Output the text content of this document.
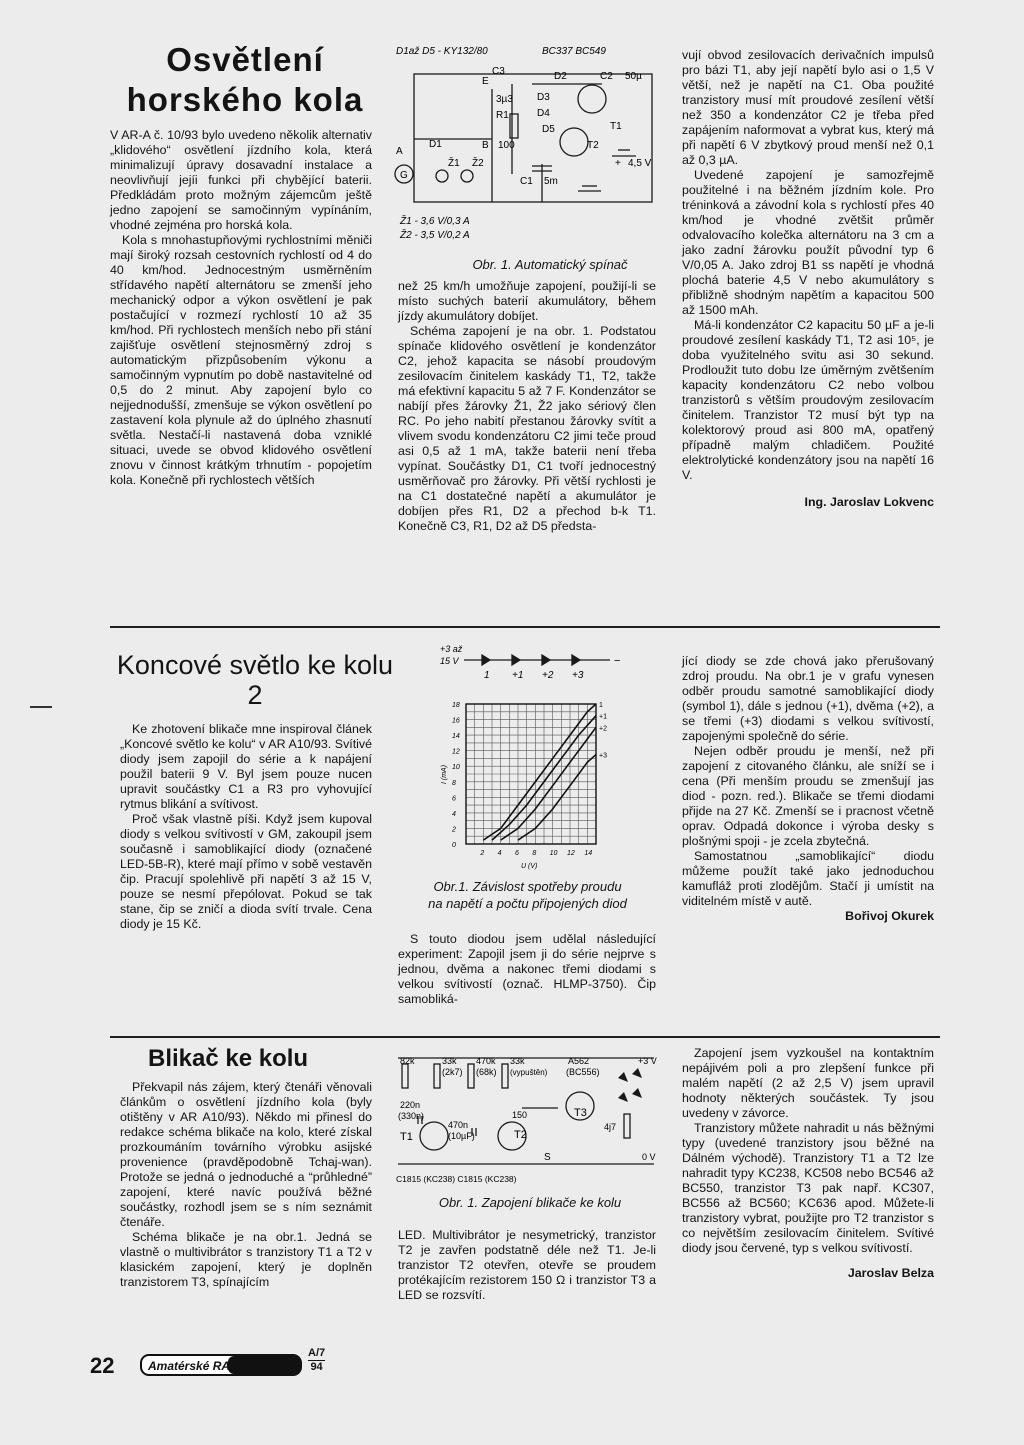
Osvětlení horského kola

V AR-A č. 10/93 bylo uvedeno několik alternativ „klidového“ osvětlení jízdního kola, která minimalizují úpravy dosavadní instalace a neovlivňují jejíi funkci při chybějící baterii. Předkládám proto možným zájemcům ještě jedno zapojení se samočinným vypínáním, vhodné zejména pro horská kola.

Kola s mnohastupňovými rychlostními měniči mají široký rozsah cestovních rychlostí od 4 do 40 km/hod. Jednocestným usměrněním střídavého napětí alternátoru se zmenší jeho mechanický odpor a výkon osvětlení je pak postačující v rozmezí rychlostí 10 až 35 km/hod. Při rychlostech menších nebo při stání zajišťuje osvětlení stejnosměrný zdroj s automatickým přizpůsobením výkonu a samočinným vypnutím po době nastavitelné od 0,5 do 2 minut. Aby zapojení bylo co nejjednodušší, zmenšuje se výkon osvětlení po zastavení kola plynule až do úplného zhasnutí světla. Nestačí-li nastavená doba vzniklé situaci, uvede se obvod klidového osvětlení znovu v činnost krátkým trhnutím - popojetím kola. Konečně při rychlostech větších

D1až D5 - KY132/80	BC337 BC549
C3
3µ3
R1
100
D1
D2
D3
D4
D5
C2 50µ
T1
T2
C1 5m
Ž1 Ž2
G
A
E
B
4,5 V
+
Ž1 - 3,6 V/0,3 A
Ž2 - 3,5 V/0,2 A
Obr. 1. Automatický spínač

než 25 km/h umožňuje zapojení, použijí-li se místo suchých baterií akumulátory, během jízdy akumulátory dobíjet.

Schéma zapojení je na obr. 1. Podstatou spínače klidového osvětlení je kondenzátor C2, jehož kapacita se násobí proudovým zesilovacím činitelem kaskády T1, T2, takže má efektivní kapacitu 5 až 7 F. Kondenzátor se nabíjí přes žárovky Ž1, Ž2 jako sériový člen RC. Po jeho nabití přestanou žárovky svítit a vlivem svodu kondenzátoru C2 jimi teče proud asi 0,5 až 1 mA, takže baterii není třeba vypínat. Součástky D1, C1 tvoří jednocestný usměrňovač pro žárovky. Při větší rychlosti je na C1 dostatečné napětí a akumulátor je dobíjen přes R1, D2 a přechod b-k T1. Konečně C3, R1, D2 až D5 předsta-

vují obvod zesilovacích derivačních impulsů pro bázi T1, aby její napětí bylo asi o 1,5 V větší, než je napětí na C1. Oba použité tranzistory musí mít proudové zesílení větší než 350 a kondenzátor C2 je třeba před zapájením naformovat a vybrat kus, který má při napětí 6 V zbytkový proud menší než 0,1 až 0,3 µA.

Uvedené zapojení je samozřejmě použitelné i na běžném jízdním kole. Pro tréninková a závodní kola s rychlostí přes 40 km/hod je vhodné zvětšit průměr odvalovacího kolečka alternátoru na 3 cm a jako zadní žárovku použít původní typ 6 V/0,05 A. Jako zdroj B1 ss napětí je vhodná plochá baterie 4,5 V nebo akumulátory s přibližně shodným napětím a kapacitou 500 až 1500 mAh.

Má-li kondenzátor C2 kapacitu 50 µF a je-li proudové zesílení kaskády T1, T2 asi 10⁵, je doba využitelného svitu asi 30 sekund. Prodloužit tuto dobu lze úměrným zvětšením kapacity kondenzátoru C2 nebo volbou tranzistorů s větším proudovým zesilovacím činitelem. Tranzistor T2 musí být typ na kolektorový proud asi 800 mA, opatřený případně malým chladičem. Použité elektrolytické kondenzátory jsou na napětí 16 V.

Ing. Jaroslav Lokvenc

Koncové světlo ke kolu 2

Ke zhotovení blikače mne inspiroval článek „Koncové světlo ke kolu“ v AR A10/93. Svítivé diody jsem zapojil do série a k napájení použil baterii 9 V. Byl jsem pouze nucen upravit součástky C1 a R3 pro vyhovující rytmus blikání a svítivost.

Proč však vlastně píši. Když jsem kupoval diody s velkou svítivostí v GM, zakoupil jsem současně i samoblikající diody (označené LED-5B-R), které mají přímo v sobě vestavěn čip. Pracují spolehlivě při napětí 3 až 15 V, pouze se nesmí přepólovat. Pokud se tak stane, čip se zničí a dioda svítí trvale. Cena diody je 15 Kč.

+3 až
15 V	−
1 +1 +2 +3
2 4 6 8 10 12 14
0
2
4
6
8
10
12
14
16
18
U (V)
I (mA)
1
+1
+2
+3
Obr.1. Závislost spotřeby proudu
na napětí a počtu připojených diod

S touto diodou jsem udělal následující experiment: Zapojil jsem ji do série nejprve s jednou, dvěma a nakonec třemi diodami s velkou svítivostí (označ. HLMP-3750). Čip samobliká-

jící diody se zde chová jako přerušovaný zdroj proudu. Na obr.1 je v grafu vynesen odběr proudu samotné samoblikající diody (symbol 1), dále s jednou (+1), dvěma (+2), a se třemi (+3) diodami s velkou svítivostí, zapojenými společně do série.

Nejen odběr proudu je menší, než při zapojení z citovaného článku, ale sníží se i cena (Při menším proudu se zmenšují jas diod - pozn. red.). Blikače se třemi diodami přijde na 27 Kč. Zmenší se i pracnost včetně oprav. Odpadá dokonce i výroba desky s plošnými spoji - je zcela zbytečná.

Samostatnou „samoblikající“ diodu můžeme použít také jako jednoduchou kamufláž proti zlodějům. Stačí ji umístit na viditelném místě v autě.

Bořivoj Okurek

Blikač ke kolu

Překvapil nás zájem, který čtenáři věnovali článkům o osvětlení jízdního kola (byly otištěny v AR A10/93). Někdo mi přinesl do redakce schéma blikače na kolo, které získal prozkoumáním továrního výrobku asijské provenience (pravděpodobně Tchaj-wan). Protože se jedná o jednoduché a “průhledné” zapojení, které navíc používá běžné součástky, rozhodl jsem se s ním seznámit čtenáře.

Schéma blikače je na obr.1. Jedná se vlastně o multivibrátor s tranzistory T1 a T2 v klasickém zapojení, který je doplněn tranzistorem T3, spínajícím

82k	33k
(2k7)
470k
(68k)
33k
(vypuštěn)
A562
(BC556)
+3 V
220n
(330n)
470n
(10µF)
150
T1	T2
T3
4j7
S	0 V
C1815 (KC238) C1815 (KC238)
Obr. 1. Zapojení blikače ke kolu

LED. Multivibrátor je nesymetrický, tranzistor T2 je zavřen podstatně déle než T1. Je-li tranzistor T2 otevřen, otevře se proudem protékajícím rezistorem 150 Ω i tranzistor T3 a LED se rozsvítí.

Zapojení jsem vyzkoušel na kontaktním nepájivém poli a pro zlepšení funkce při malém napětí (2 až 2,5 V) jsem upravil hodnoty některých součástek. Ty jsou uvedeny v závorce.

Tranzistory můžete nahradit u nás běžnými typy (uvedené tranzistory jsou běžné na Dálném východě). Tranzistory T1 a T2 lze nahradit typy KC238, KC508 nebo BC546 až BC550, tranzistor T3 pak např. KC307, BC556 až BC560; KC636 apod. Můžete-li tranzistory vybrat, použijte pro T2 tranzistor s co největším zesilovacím činitelem. Svítivé diody jsou červené, typ s velkou svítivostí.

Jaroslav Belza

22	Amatérské RADIO
A/7
94
